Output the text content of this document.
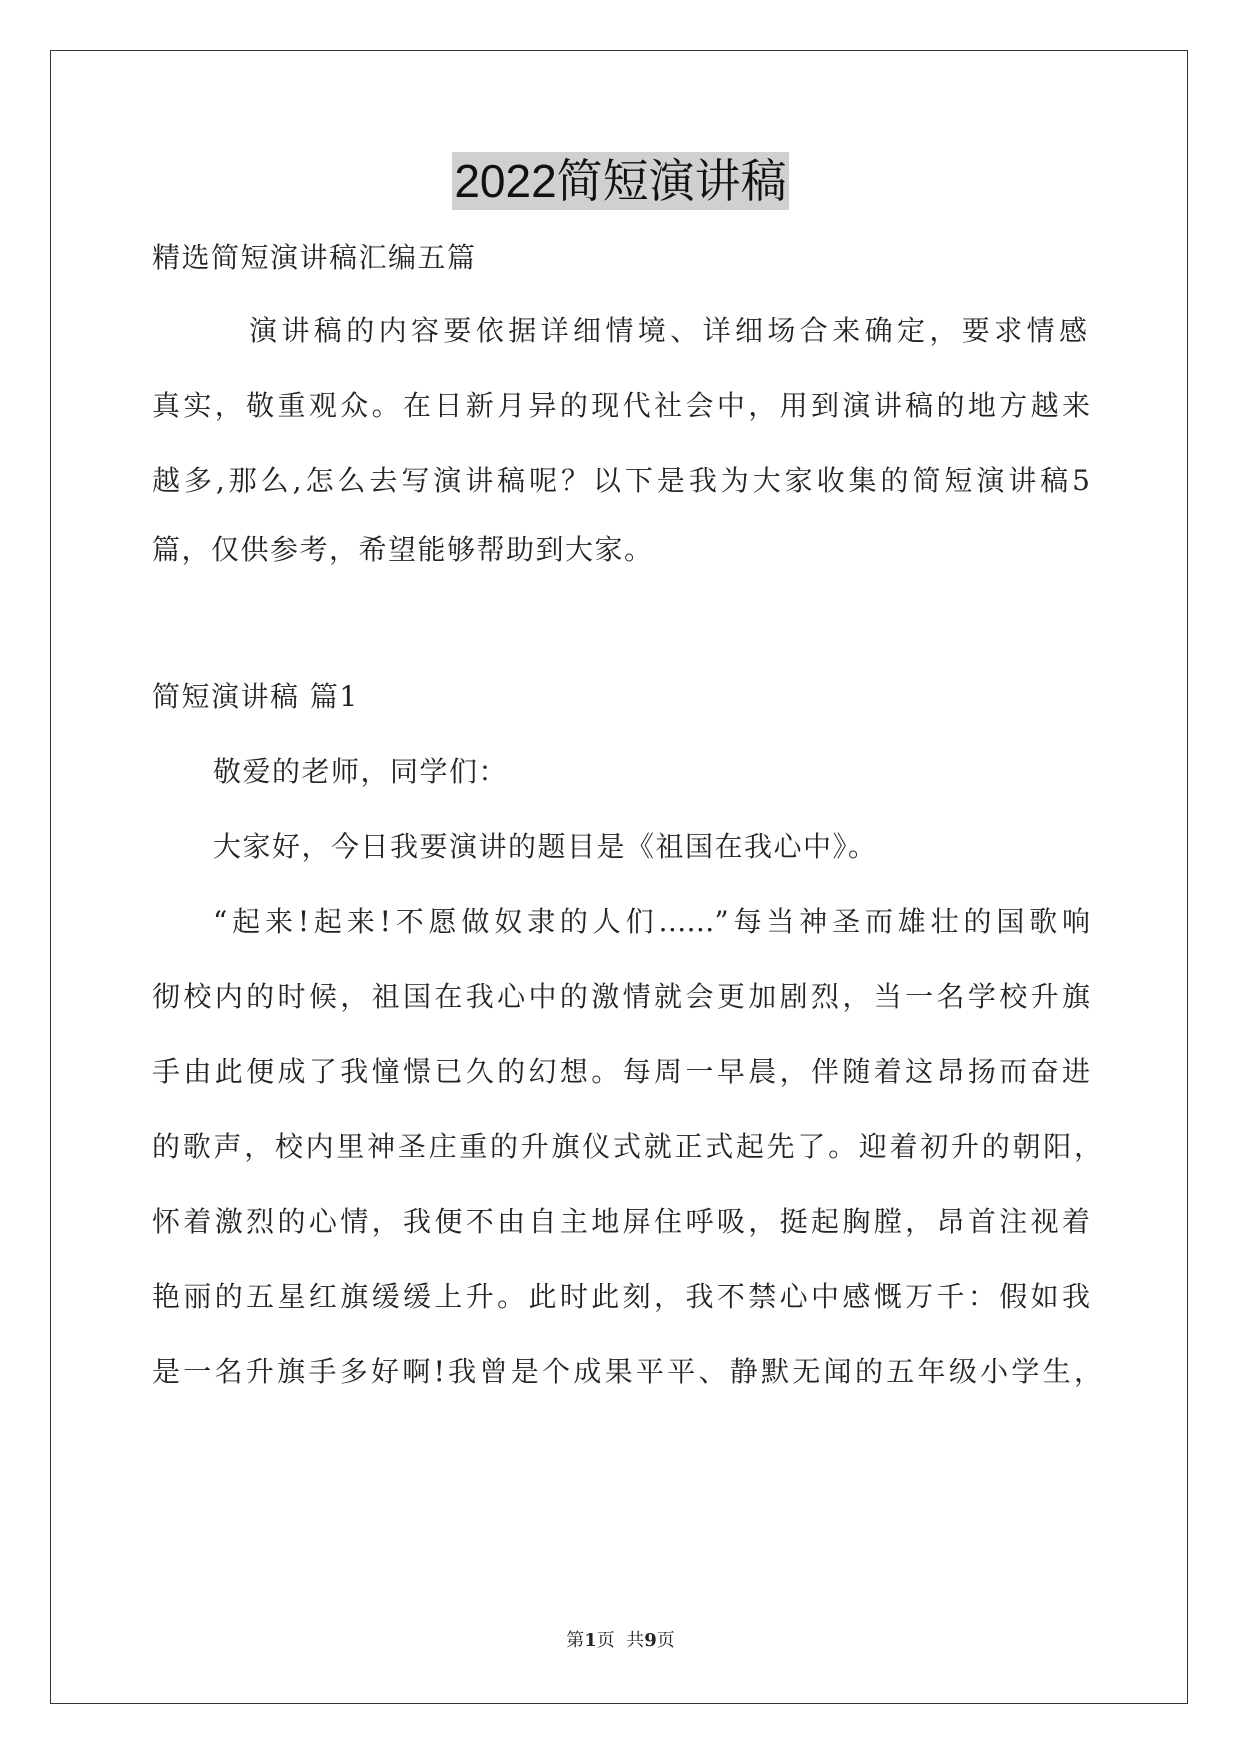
2022简短演讲稿
精选简短演讲稿汇编五篇
演讲稿的内容要依据详细情境、详细场合来确定，要求情感
真实，敬重观众。在日新月异的现代社会中，用到演讲稿的地方越来
越多,那么,怎么去写演讲稿呢？以下是我为大家收集的简短演讲稿5
篇，仅供参考，希望能够帮助到大家。
简短演讲稿 篇1
敬爱的老师，同学们：
大家好，今日我要演讲的题目是《祖国在我心中》。
“起来!起来!不愿做奴隶的人们……”每当神圣而雄壮的国歌响
彻校内的时候，祖国在我心中的激情就会更加剧烈，当一名学校升旗
手由此便成了我憧憬已久的幻想。每周一早晨，伴随着这昂扬而奋进
的歌声，校内里神圣庄重的升旗仪式就正式起先了。迎着初升的朝阳，
怀着激烈的心情，我便不由自主地屏住呼吸，挺起胸膛，昂首注视着
艳丽的五星红旗缓缓上升。此时此刻，我不禁心中感慨万千：假如我
是一名升旗手多好啊!我曾是个成果平平、静默无闻的五年级小学生，
第1页  共9页
